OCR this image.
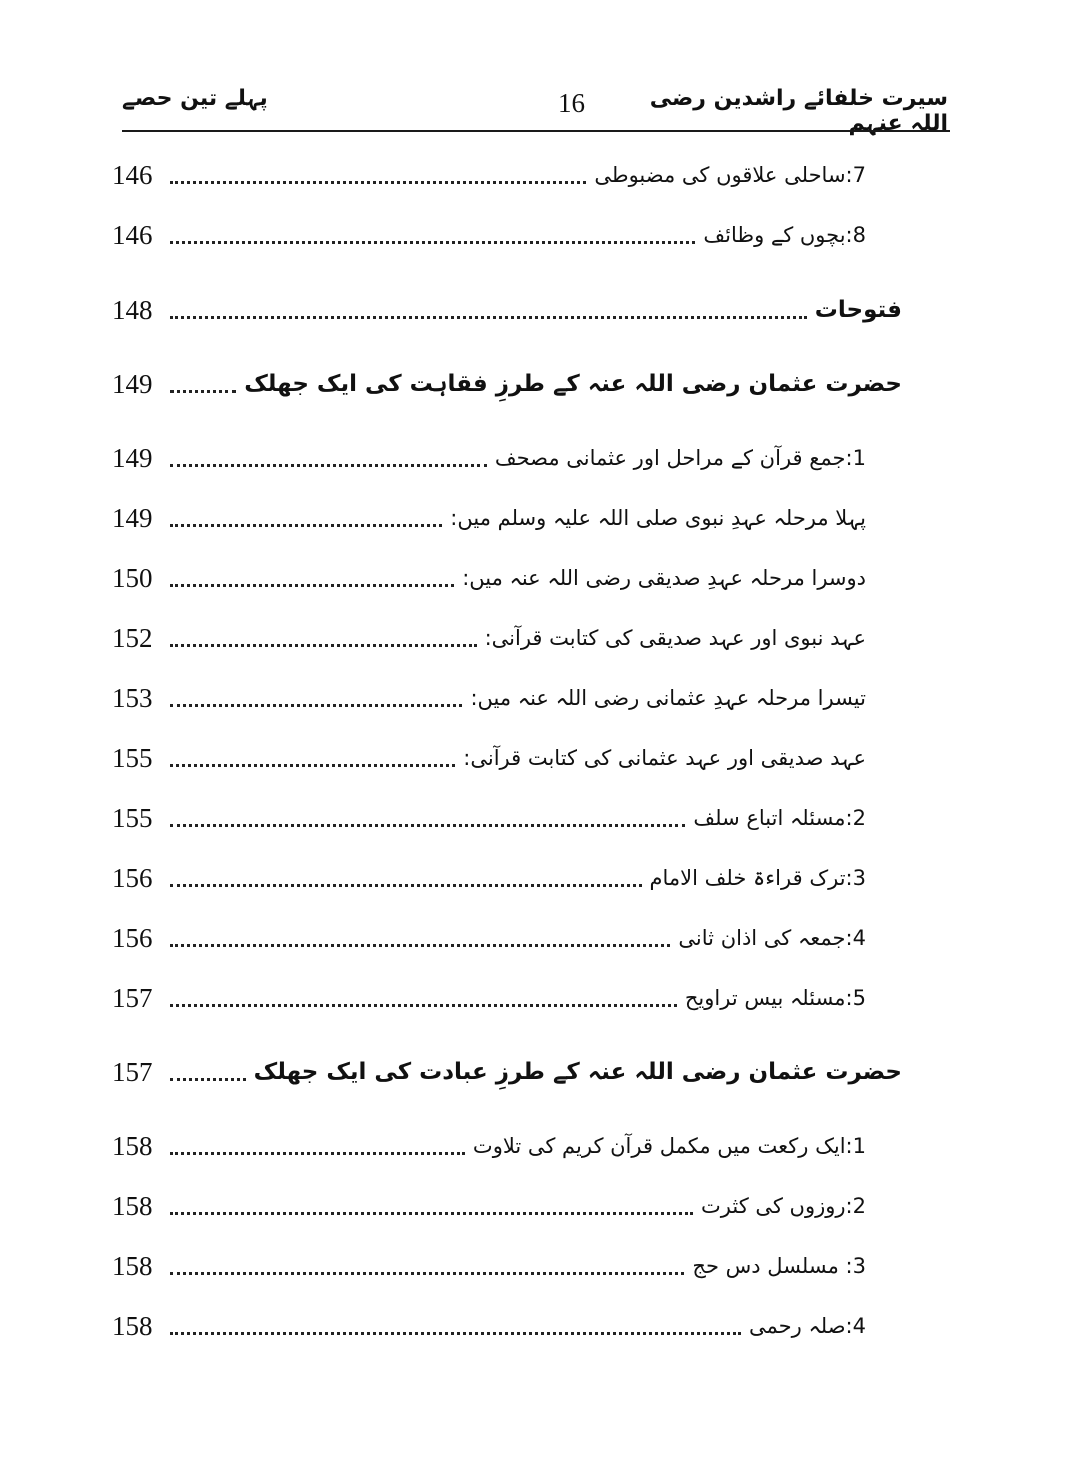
پہلے تین حصے	16	سیرت خلفائے راشدین رضی اللہ عنہم
146	7:ساحلی علاقوں کی مضبوطی
146	8:بچوں کے وظائف
148	فتوحات
149	حضرت عثمان رضی اللہ عنہ کے طرزِ فقاہت کی ایک جھلک
149	1:جمع قرآن کے مراحل اور عثمانی مصحف
149	پہلا مرحلہ عہدِ نبوی صلی اللہ علیہ وسلم میں:
150	دوسرا مرحلہ عہدِ صدیقی رضی اللہ عنہ میں:
152	عہد نبوی اور عہد صدیقی کی کتابت قرآنی:
153	تیسرا مرحلہ عہدِ عثمانی رضی اللہ عنہ میں:
155	عہد صدیقی اور عہد عثمانی کی کتابت قرآنی:
155	2:مسئلہ اتباع سلف
156	3:ترک قراءۃ خلف الامام
156	4:جمعہ کی اذان ثانی
157	5:مسئلہ بیس تراویح
157	حضرت عثمان رضی اللہ عنہ کے طرزِ عبادت کی ایک جھلک
158	1:ایک رکعت میں مکمل قرآن کریم کی تلاوت
158	2:روزوں کی کثرت
158	3: مسلسل دس حج
158	4:صلہ رحمی
